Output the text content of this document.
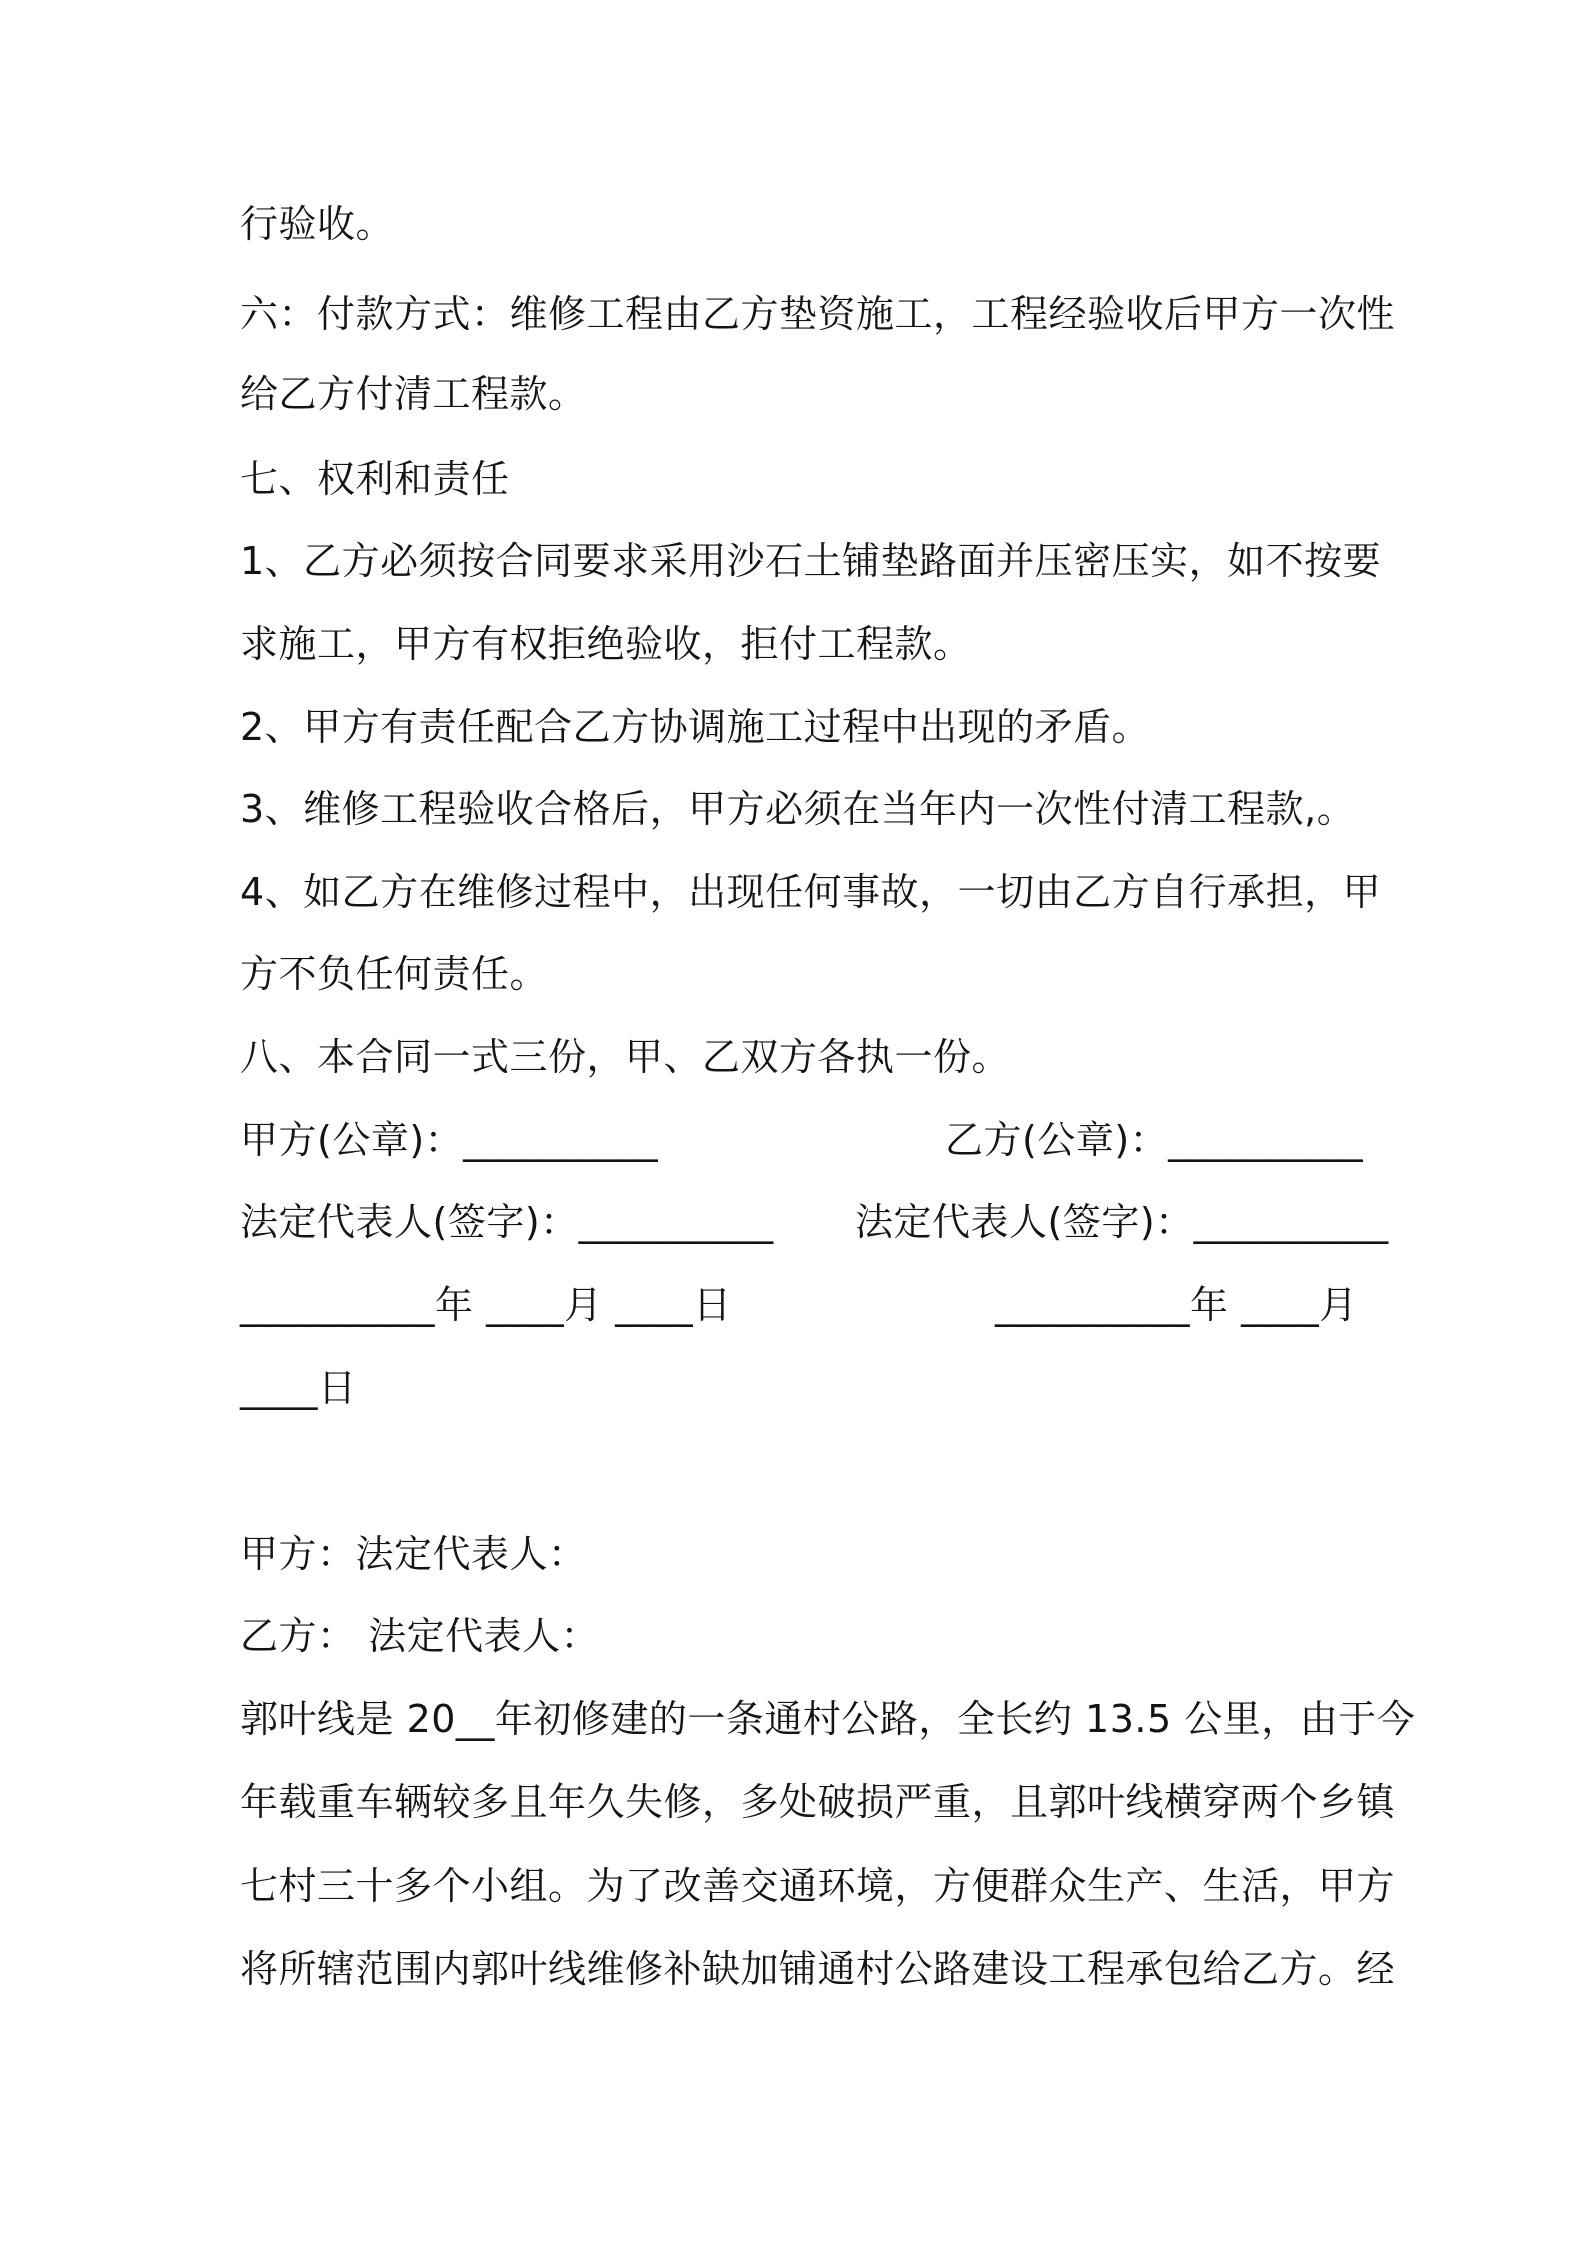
行验收。
六：付款方式：维修工程由乙方垫资施工，工程经验收后甲方一次性
给乙方付清工程款。
七、权利和责任
1、乙方必须按合同要求采用沙石土铺垫路面并压密压实，如不按要
求施工，甲方有权拒绝验收，拒付工程款。
2、甲方有责任配合乙方协调施工过程中出现的矛盾。
3、维修工程验收合格后，甲方必须在当年内一次性付清工程款,。
4、如乙方在维修过程中，出现任何事故，一切由乙方自行承担，甲
方不负任何责任。
八、本合同一式三份，甲、乙双方各执一份。
甲方(公章)：__________	乙方(公章)：__________
法定代表人(签字)：__________ 法定代表人(签字)：__________
__________年 ____月 ____日	__________年 ____月
____日
甲方：法定代表人：
乙方： 法定代表人：
郭叶线是 20__年初修建的一条通村公路，全长约 13.5 公里，由于今
年载重车辆较多且年久失修，多处破损严重，且郭叶线横穿两个乡镇
七村三十多个小组。为了改善交通环境，方便群众生产、生活，甲方
将所辖范围内郭叶线维修补缺加铺通村公路建设工程承包给乙方。经
